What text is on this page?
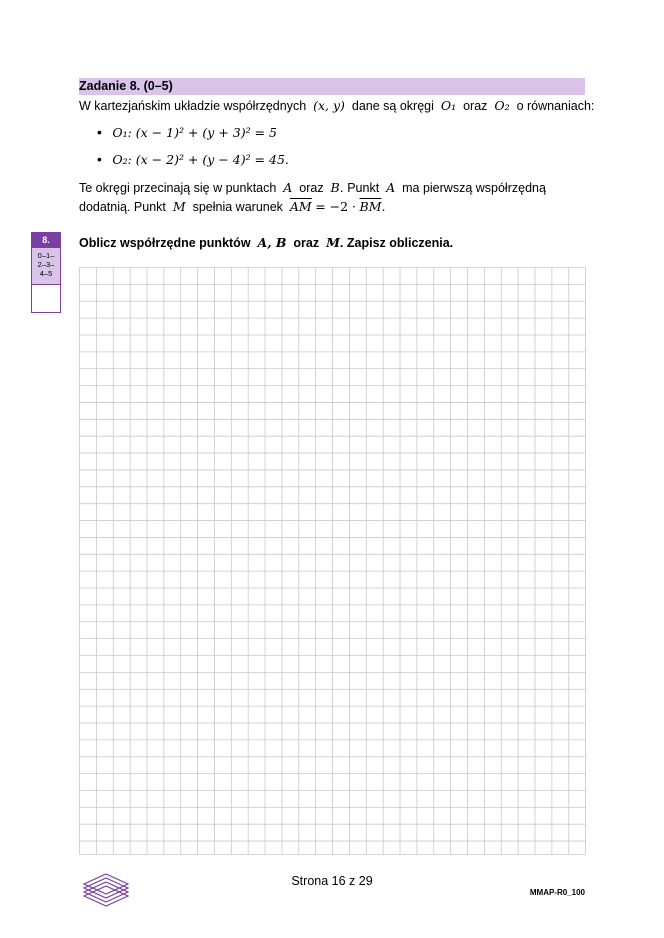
Zadanie 8. (0–5)
W kartezjańskim układzie współrzędnych (x, y) dane są okręgi O₁ oraz O₂ o równaniach:
• O₁: (x − 1)² + (y + 3)² = 5
• O₂: (x − 2)² + (y − 4)² = 45.
Te okręgi przecinają się w punktach A oraz B. Punkt A ma pierwszą współrzędną
dodatnią. Punkt M spełnia warunek $\overline{AM} = -2 \cdot \overline{BM}$.
8.
0–1–
2–3–
4–5
Oblicz współrzędne punktów A, B oraz M. Zapisz obliczenia.
Strona 16 z 29
MMAP-R0_100
